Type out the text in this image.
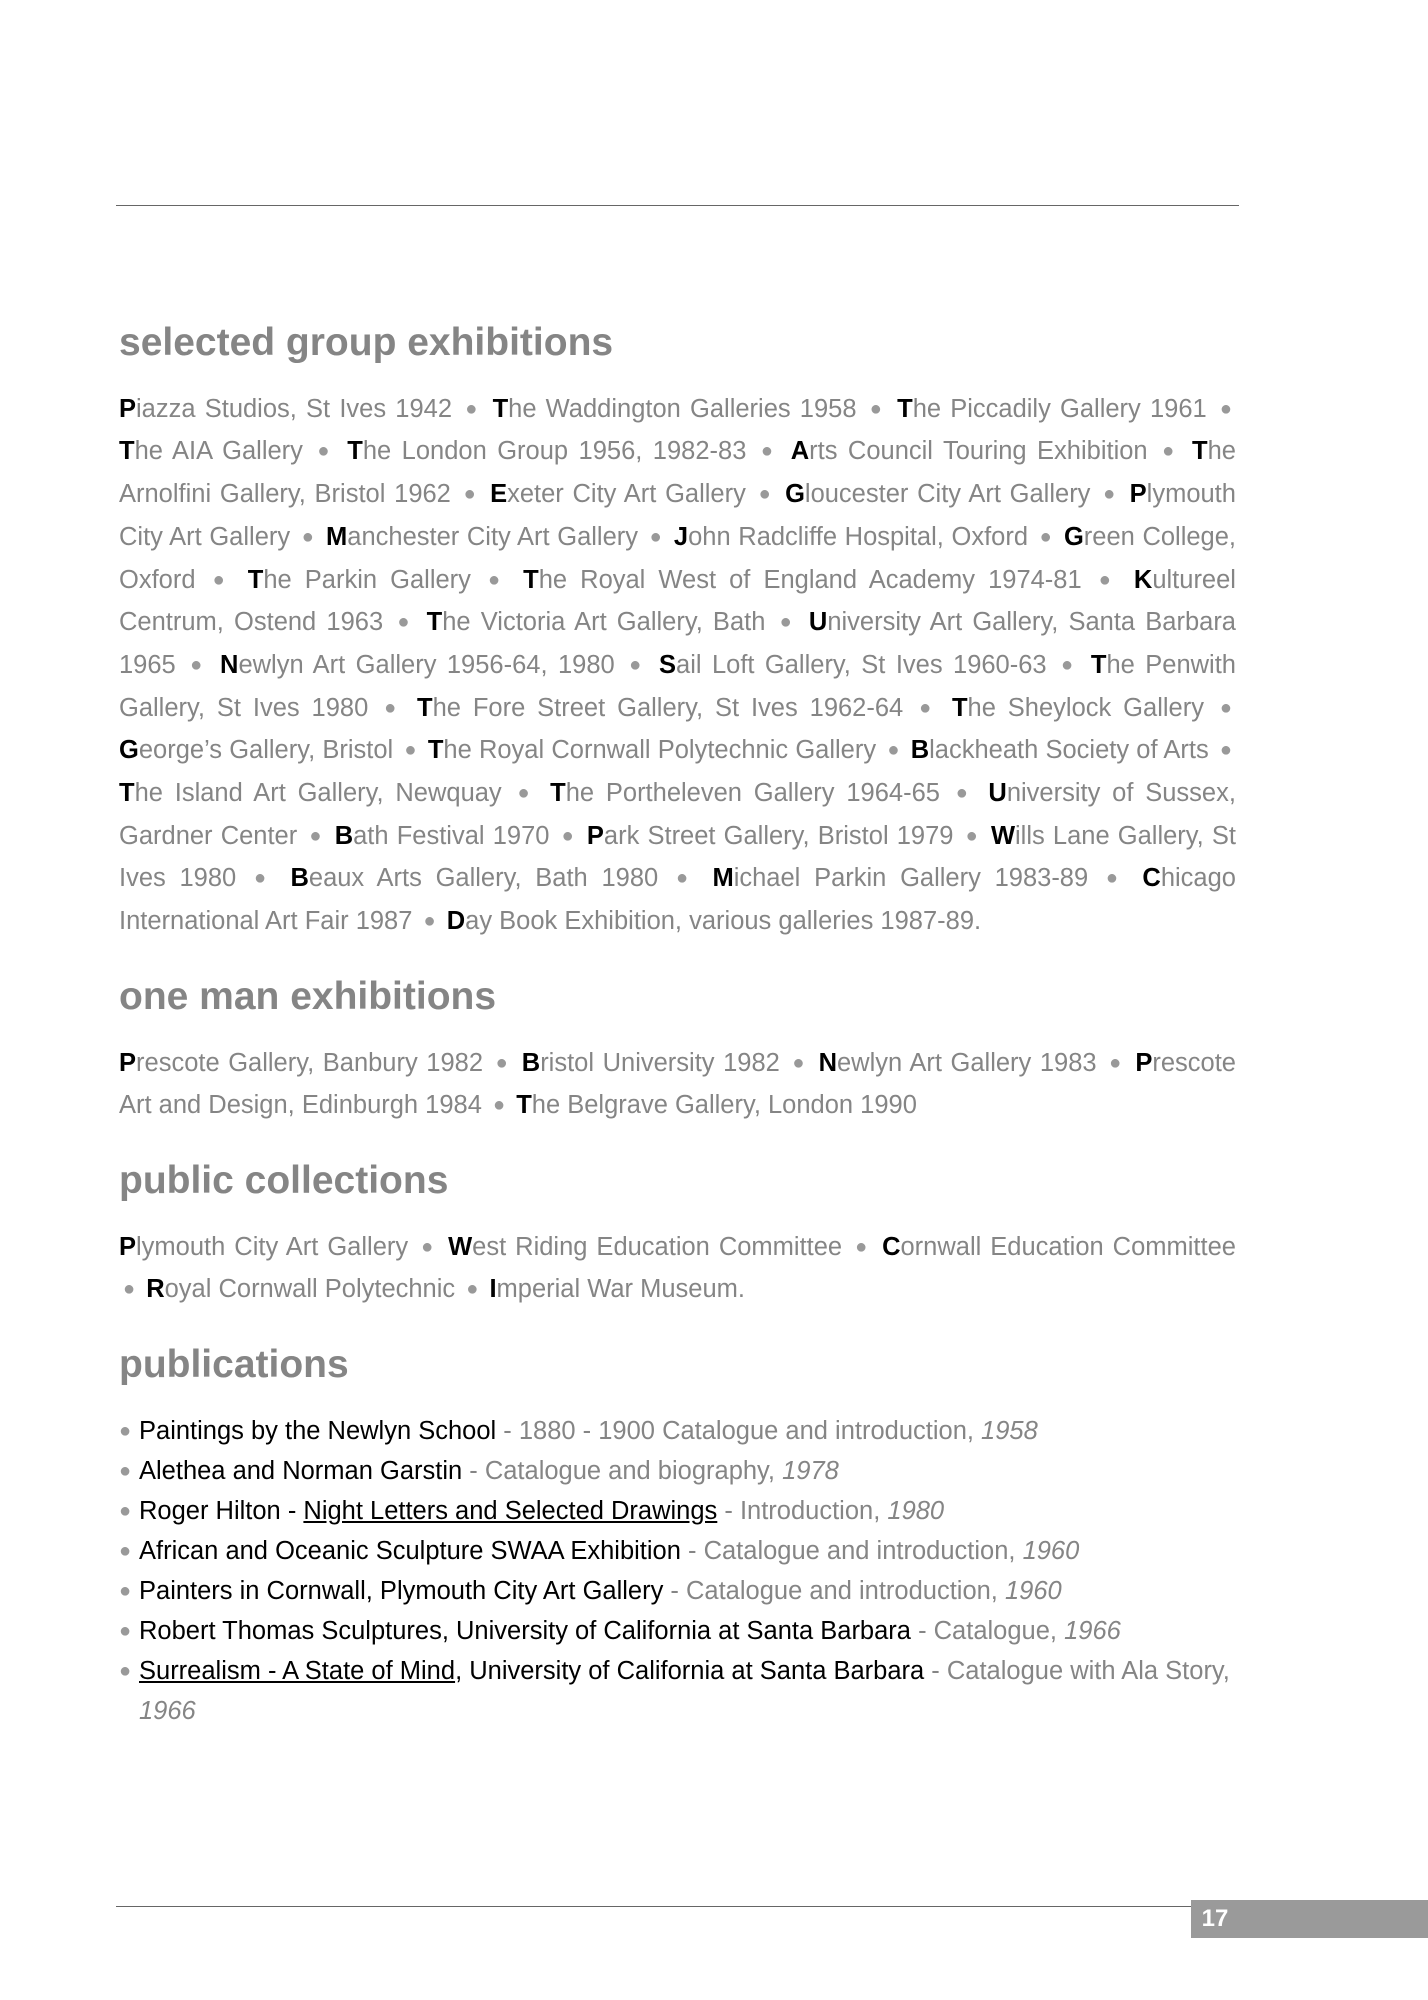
selected group exhibitions

Piazza Studios, St Ives 1942 ● The Waddington Galleries 1958 ● The Piccadily Gallery 1961 ● The AIA Gallery ● The London Group 1956, 1982-83 ● Arts Council Touring Exhibition ● The Arnolfini Gallery, Bristol 1962 ● Exeter City Art Gallery ● Gloucester City Art Gallery ● Plymouth City Art Gallery ● Manchester City Art Gallery ● John Radcliffe Hospital, Oxford ● Green College, Oxford ● The Parkin Gallery ● The Royal West of England Academy 1974-81 ● Kultureel Centrum, Ostend 1963 ● The Victoria Art Gallery, Bath ● University Art Gallery, Santa Barbara 1965 ● Newlyn Art Gallery 1956-64, 1980 ● Sail Loft Gallery, St Ives 1960-63 ● The Penwith Gallery, St Ives 1980 ● The Fore Street Gallery, St Ives 1962-64 ● The Sheylock Gallery ● George’s Gallery, Bristol ● The Royal Cornwall Polytechnic Gallery ● Blackheath Society of Arts ● The Island Art Gallery, Newquay ● The Portheleven Gallery 1964-65 ● University of Sussex, Gardner Center ● Bath Festival 1970 ● Park Street Gallery, Bristol 1979 ● Wills Lane Gallery, St Ives 1980 ● Beaux Arts Gallery, Bath 1980 ● Michael Parkin Gallery 1983-89 ● Chicago International Art Fair 1987 ● Day Book Exhibition, various galleries 1987-89.

one man exhibitions

Prescote Gallery, Banbury 1982 ● Bristol University 1982 ● Newlyn Art Gallery 1983 ● Prescote Art and Design, Edinburgh 1984 ● The Belgrave Gallery, London 1990

public collections

Plymouth City Art Gallery ● West Riding Education Committee ● Cornwall Education Committee ● Royal Cornwall Polytechnic ● Imperial War Museum.

publications
● Paintings by the Newlyn School - 1880 - 1900 Catalogue and introduction, 1958
● Alethea and Norman Garstin - Catalogue and biography, 1978
● Roger Hilton - Night Letters and Selected Drawings - Introduction, 1980
● African and Oceanic Sculpture SWAA Exhibition - Catalogue and introduction, 1960
● Painters in Cornwall, Plymouth City Art Gallery - Catalogue and introduction, 1960
● Robert Thomas Sculptures, University of California at Santa Barbara - Catalogue, 1966
● Surrealism - A State of Mind, University of California at Santa Barbara - Catalogue with Ala Story, 1966
17
